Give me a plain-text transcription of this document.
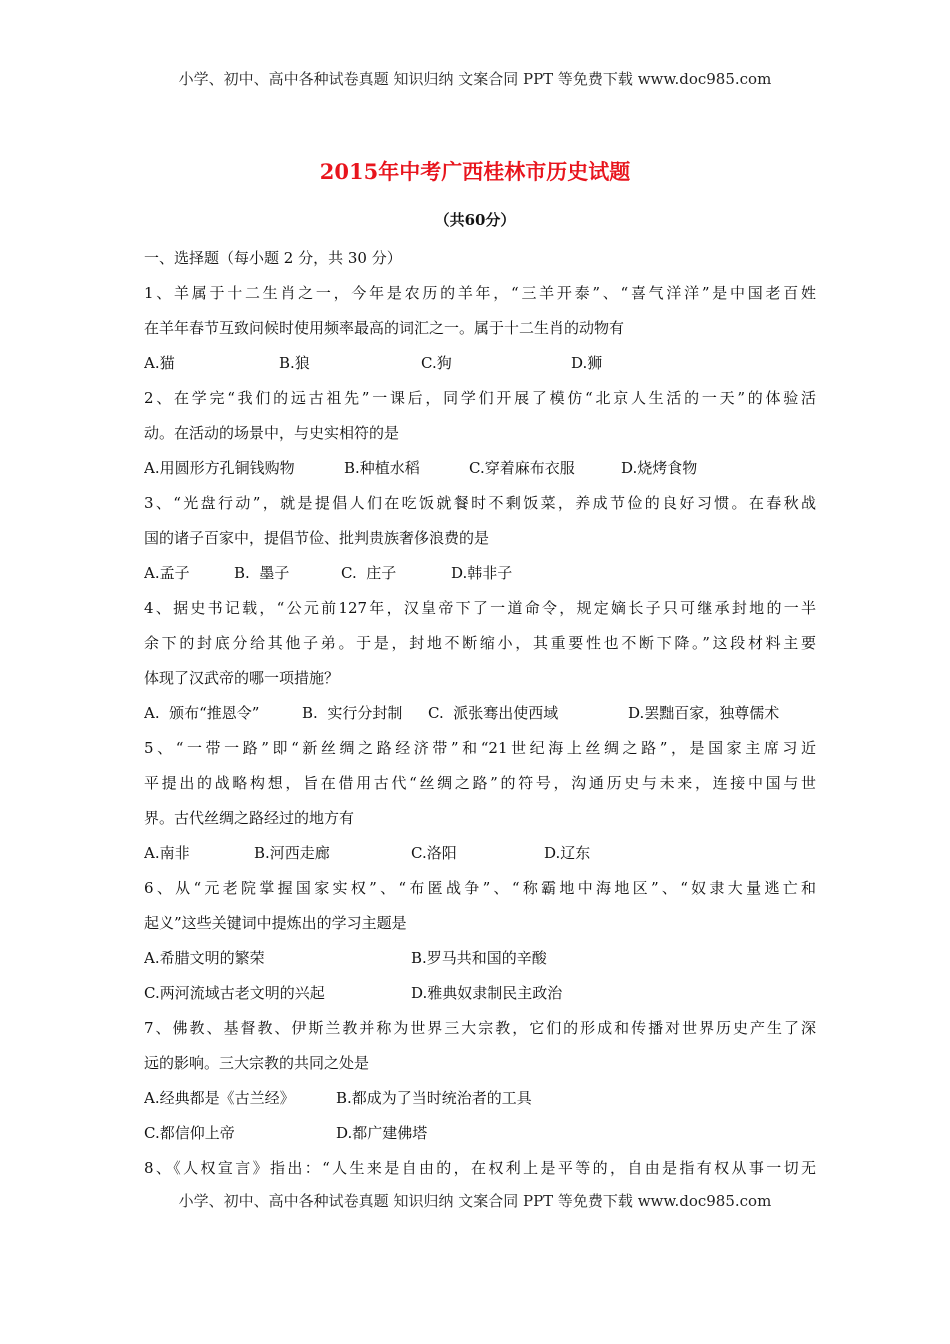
小学、初中、高中各种试卷真题 知识归纳 文案合同 PPT 等免费下载 www.doc985.com
2015年中考广西桂林市历史试题
（共60分）
一、选择题（每小题 2 分，共 30 分）
1、羊属于十二生肖之一，今年是农历的羊年，“三羊开泰”、“喜气洋洋”是中国老百姓
在羊年春节互致问候时使用频率最高的词汇之一。属于十二生肖的动物有
A.猫	B.狼	C.狗	D.狮
2、在学完“我们的远古祖先”一课后，同学们开展了模仿“北京人生活的一天”的体验活
动。在活动的场景中，与史实相符的是
A.用圆形方孔铜钱购物	B.种植水稻	C.穿着麻布衣服	D.烧烤食物
3、“光盘行动”，就是提倡人们在吃饭就餐时不剩饭菜，养成节俭的良好习惯。在春秋战
国的诸子百家中，提倡节俭、批判贵族奢侈浪费的是
A.孟子	B.  墨子	C.  庄子	D.韩非子
4、据史书记载，“公元前127年，汉皇帝下了一道命令，规定嫡长子只可继承封地的一半
余下的封底分给其他子弟。于是，封地不断缩小，其重要性也不断下降。”这段材料主要
体现了汉武帝的哪一项措施？
A.  颁布“推恩令”	B.  实行分封制	C.  派张骞出使西域	D.罢黜百家，独尊儒术
5、“一带一路”即“新丝绸之路经济带”和“21世纪海上丝绸之路”，是国家主席习近
平提出的战略构想，旨在借用古代“丝绸之路”的符号，沟通历史与未来，连接中国与世
界。古代丝绸之路经过的地方有
A.南非	B.河西走廊	C.洛阳	D.辽东
6、从“元老院掌握国家实权”、“布匿战争”、“称霸地中海地区”、“奴隶大量逃亡和
起义”这些关键词中提炼出的学习主题是
A.希腊文明的繁荣	B.罗马共和国的辛酸
C.两河流域古老文明的兴起	D.雅典奴隶制民主政治
7、佛教、基督教、伊斯兰教并称为世界三大宗教，它们的形成和传播对世界历史产生了深
远的影响。三大宗教的共同之处是
A.经典都是《古兰经》	B.都成为了当时统治者的工具
C.都信仰上帝	D.都广建佛塔
8、《人权宣言》指出：“人生来是自由的，在权利上是平等的，自由是指有权从事一切无
小学、初中、高中各种试卷真题 知识归纳 文案合同 PPT 等免费下载 www.doc985.com
